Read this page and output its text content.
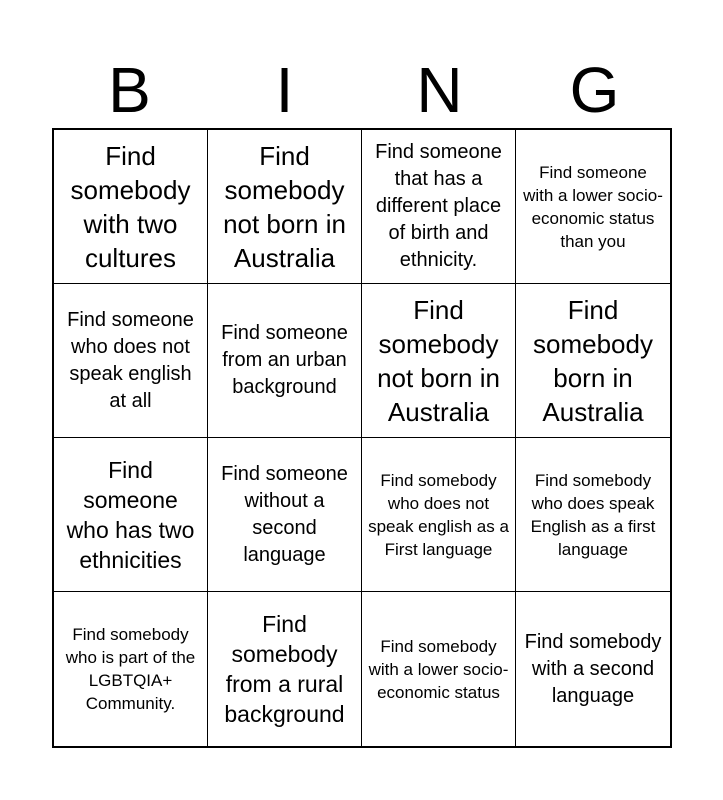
B	I	N	G
Find somebody with two cultures
Find somebody not born in Australia
Find someone that has a different place of birth and ethnicity.
Find someone with a lower socio-economic status than you
Find someone who does not speak english at all
Find someone from an urban background
Find somebody not born in Australia
Find somebody born in Australia
Find someone who has two ethnicities
Find someone without a second language
Find somebody who does not speak english as a First language
Find somebody who does speak English as a first language
Find somebody who is part of the LGBTQIA+ Community.
Find somebody from a rural background
Find somebody with a lower socio-economic status
Find somebody with a second language
